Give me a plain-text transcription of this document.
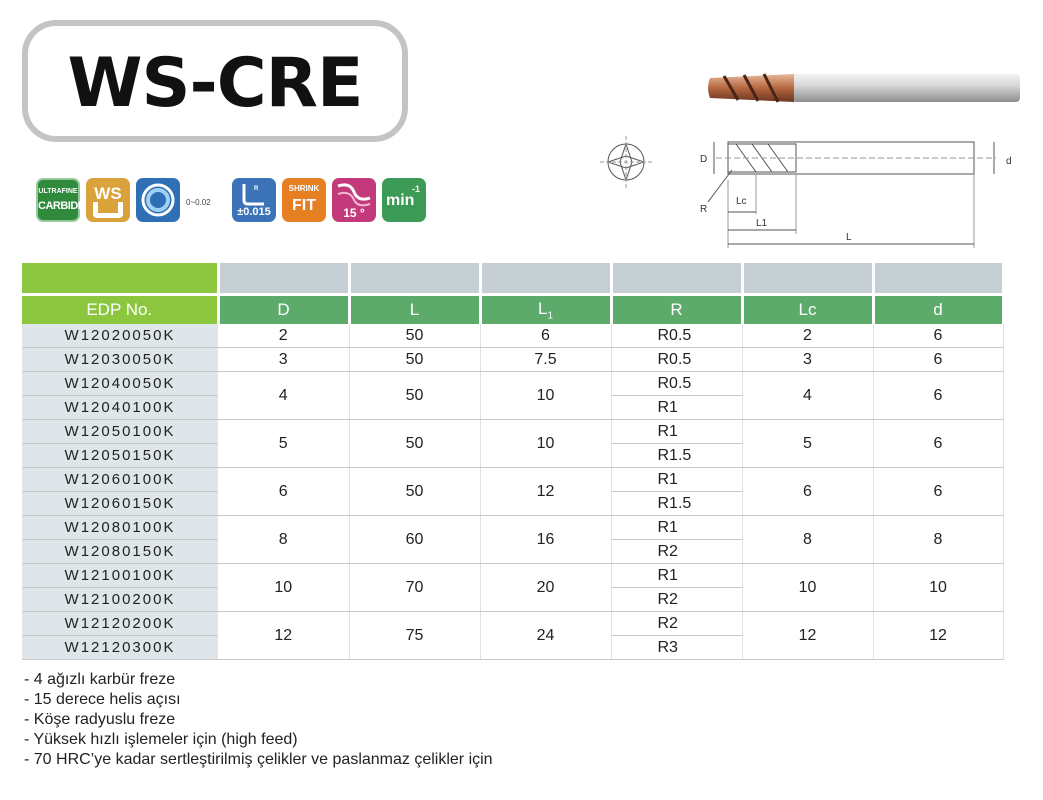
WS-CRE
ULTRAFINE
CARBIDE
WS	0~0.02
R
±0.015
SHRINK
FIT	15 °
min
-1
D	d
R
Lc
L1
L

EDP No.	D	L	$L_1$	R	Lc	d
W12020050K	2	50	6	R0.5	2	6
W12030050K	3	50	7.5	R0.5	3	6
W12040050K	4	50	10	R0.5	4	6
W12040100K				R1		
W12050100K	5	50	10	R1	5	6
W12050150K				R1.5		
W12060100K	6	50	12	R1	6	6
W12060150K				R1.5		
W12080100K	8	60	16	R1	8	8
W12080150K				R2		
W12100100K	10	70	20	R1	10	10
W12100200K				R2		
W12120200K	12	75	24	R2	12	12
W12120300K				R3		
- 4 ağızlı karbür freze
- 15 derece helis açısı
- Köşe radyuslu freze
- Yüksek hızlı işlemeler için (high feed)
- 70 HRC’ye kadar sertleştirilmiş çelikler ve paslanmaz çelikler için
